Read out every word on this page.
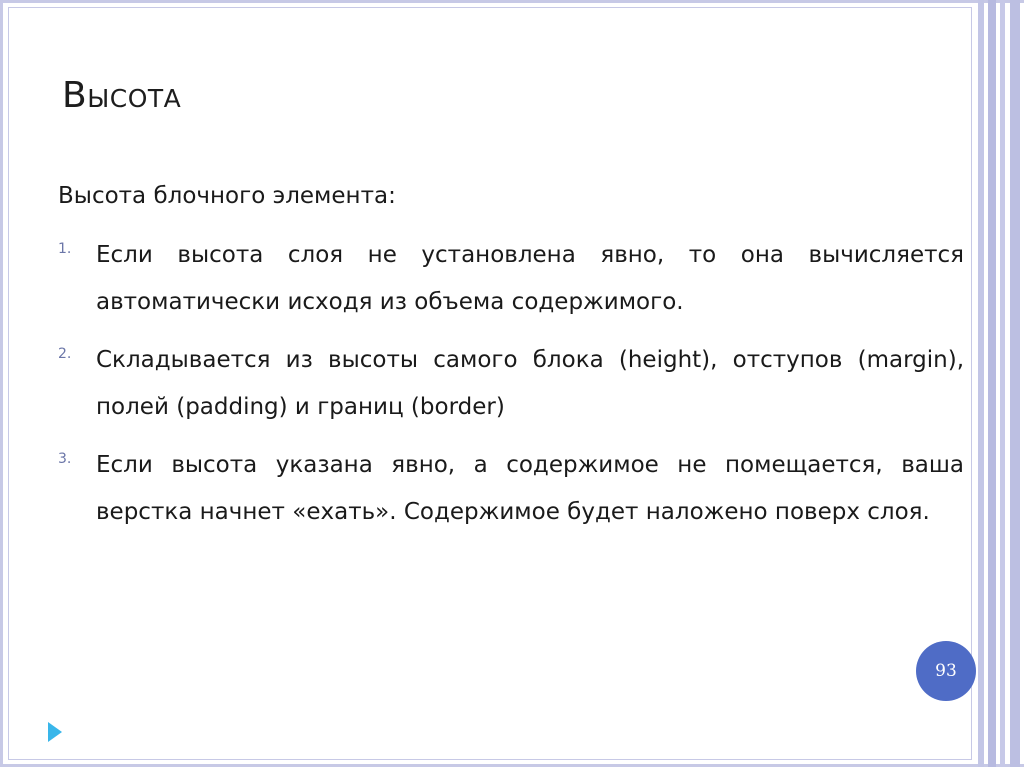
Высота

Высота блочного элемента:

1.	Если высота слоя не установлена явно, то она вычисляется автоматически исходя из объема содержимого.
2.	Складывается из высоты самого блока (height), отступов (margin), полей (padding) и границ (border)
3.	Если высота указана явно, а содержимое не помещается, ваша верстка начнет «ехать». Содержимое будет наложено поверх слоя.
93
